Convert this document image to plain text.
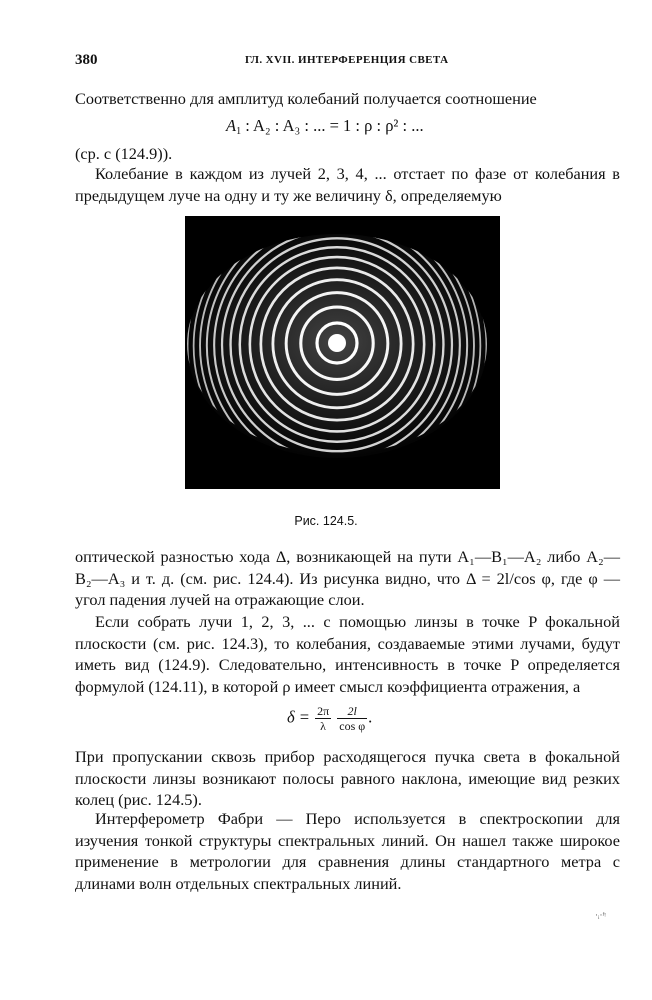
380	ГЛ. XVII. ИНТЕРФЕРЕНЦИЯ СВЕТА
Соответственно для амплитуд колебаний получается соотношение
$A_1$ : A₂ : A₃ : ... = 1 : ρ : ρ² : ...
(ср. с (124.9)).
Колебание в каждом из лучей 2, 3, 4, ... отстает по фазе от колебания в предыдущем луче на одну и ту же величину δ, определяемую
Рис. 124.5.
оптической разностью хода Δ, возникающей на пути A₁—B₁—A₂ либо A₂—B₂—A₃ и т. д. (см. рис. 124.4). Из рисунка видно, что Δ = 2l/cos φ, где φ — угол падения лучей на отражающие слои.
Если собрать лучи 1, 2, 3, ... с помощью линзы в точке P фокальной плоскости (см. рис. 124.3), то колебания, создаваемые этими лучами, будут иметь вид (124.9). Следовательно, интенсивность в точке P определяется формулой (124.11), в которой ρ имеет смысл коэффициента отражения, а
$\delta = \frac{2\pi}{\lambda}$
$\frac{2l}{\text{cos φ}}$ .
При пропускании сквозь прибор расходящегося пучка света в фокальной плоскости линзы возникают полосы равного наклона, имеющие вид резких колец (рис. 124.5).
Интерферометр Фабри — Перо используется в спектроскопии для изучения тонкой структуры спектральных линий. Он нашел также широкое применение в метрологии для сравнения длины стандартного метра с длинами волн отдельных спектральных линий.
·ᵢ·ᶠᵎ
